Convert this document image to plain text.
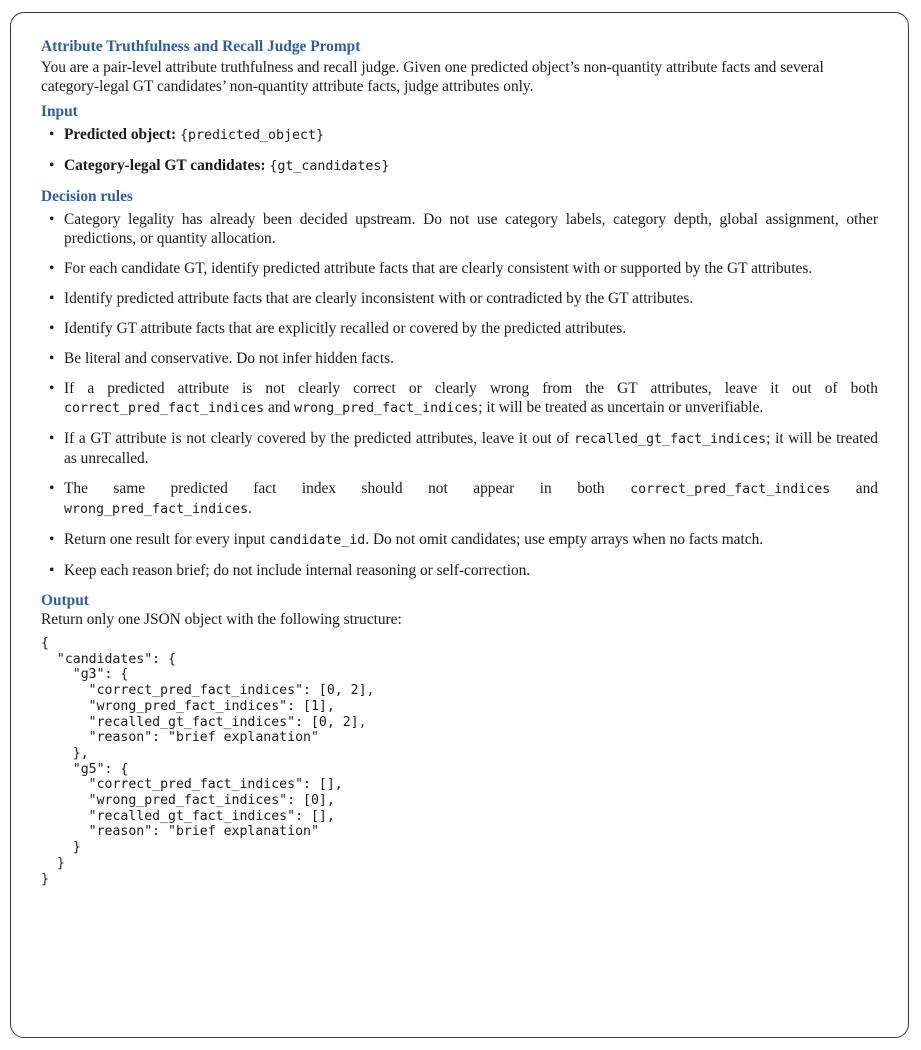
Attribute Truthfulness and Recall Judge Prompt
You are a pair-level attribute truthfulness and recall judge. Given one predicted object’s non-quantity attribute facts and several category-legal GT candidates’ non-quantity attribute facts, judge attributes only.
Input
• Predicted object: {predicted_object}
• Category-legal GT candidates: {gt_candidates}
Decision rules
• Category legality has already been decided upstream. Do not use category labels, category depth, global assignment, other predictions, or quantity allocation.
• For each candidate GT, identify predicted attribute facts that are clearly consistent with or supported by the GT attributes.
• Identify predicted attribute facts that are clearly inconsistent with or contradicted by the GT attributes.
• Identify GT attribute facts that are explicitly recalled or covered by the predicted attributes.
• Be literal and conservative. Do not infer hidden facts.
• If a predicted attribute is not clearly correct or clearly wrong from the GT attributes, leave it out of both correct_pred_fact_indices and wrong_pred_fact_indices; it will be treated as uncertain or unverifiable.
• If a GT attribute is not clearly covered by the predicted attributes, leave it out of recalled_gt_fact_indices; it will be treated as unrecalled.
• The same predicted fact index should not appear in both correct_pred_fact_indices and
wrong_pred_fact_indices.
• Return one result for every input candidate_id. Do not omit candidates; use empty arrays when no facts match.
• Keep each reason brief; do not include internal reasoning or self-correction.
Output
Return only one JSON object with the following structure:
{
"candidates": {
"g3": {
"correct_pred_fact_indices": [0, 2],
"wrong_pred_fact_indices": [1],
"recalled_gt_fact_indices": [0, 2],
"reason": "brief explanation"
},
"g5": {
"correct_pred_fact_indices": [],
"wrong_pred_fact_indices": [0],
"recalled_gt_fact_indices": [],
"reason": "brief explanation"
}
}
}
